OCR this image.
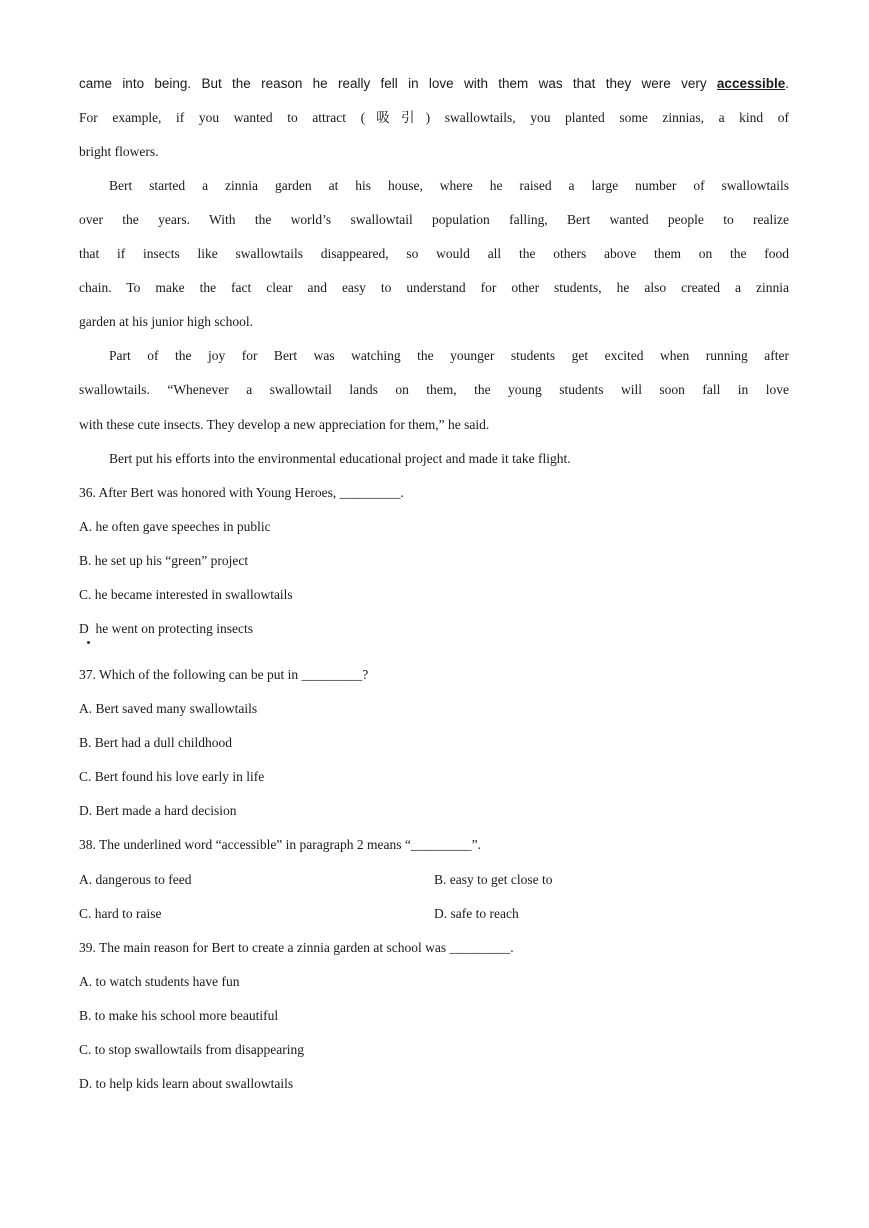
came into being. But the reason he really fell in love with them was that they were very accessible.
For example, if you wanted to attract (吸引) swallowtails, you planted some zinnias, a kind of
bright flowers.
Bert started a zinnia garden at his house, where he raised a large number of swallowtails
over the years. With the world’s swallowtail population falling, Bert wanted people to realize
that if insects like swallowtails disappeared, so would all the others above them on the food
chain. To make the fact clear and easy to understand for other students, he also created a zinnia
garden at his junior high school.
Part of the joy for Bert was watching the younger students get excited when running after
swallowtails. “Whenever a swallowtail lands on them, the young students will soon fall in love
with these cute insects. They develop a new appreciation for them,” he said.
Bert put his efforts into the environmental educational project and made it take flight.
36. After Bert was honored with Young Heroes, _________.
A. he often gave speeches in public
B. he set up his “green” project
C. he became interested in swallowtails
D  he went on protecting insects
37. Which of the following can be put in _________?
A. Bert saved many swallowtails
B. Bert had a dull childhood
C. Bert found his love early in life
D. Bert made a hard decision
38. The underlined word “accessible” in paragraph 2 means “_________”.
A. dangerous to feed	B. easy to get close to
C. hard to raise	D. safe to reach
39. The main reason for Bert to create a zinnia garden at school was _________.
A. to watch students have fun
B. to make his school more beautiful
C. to stop swallowtails from disappearing
D. to help kids learn about swallowtails
